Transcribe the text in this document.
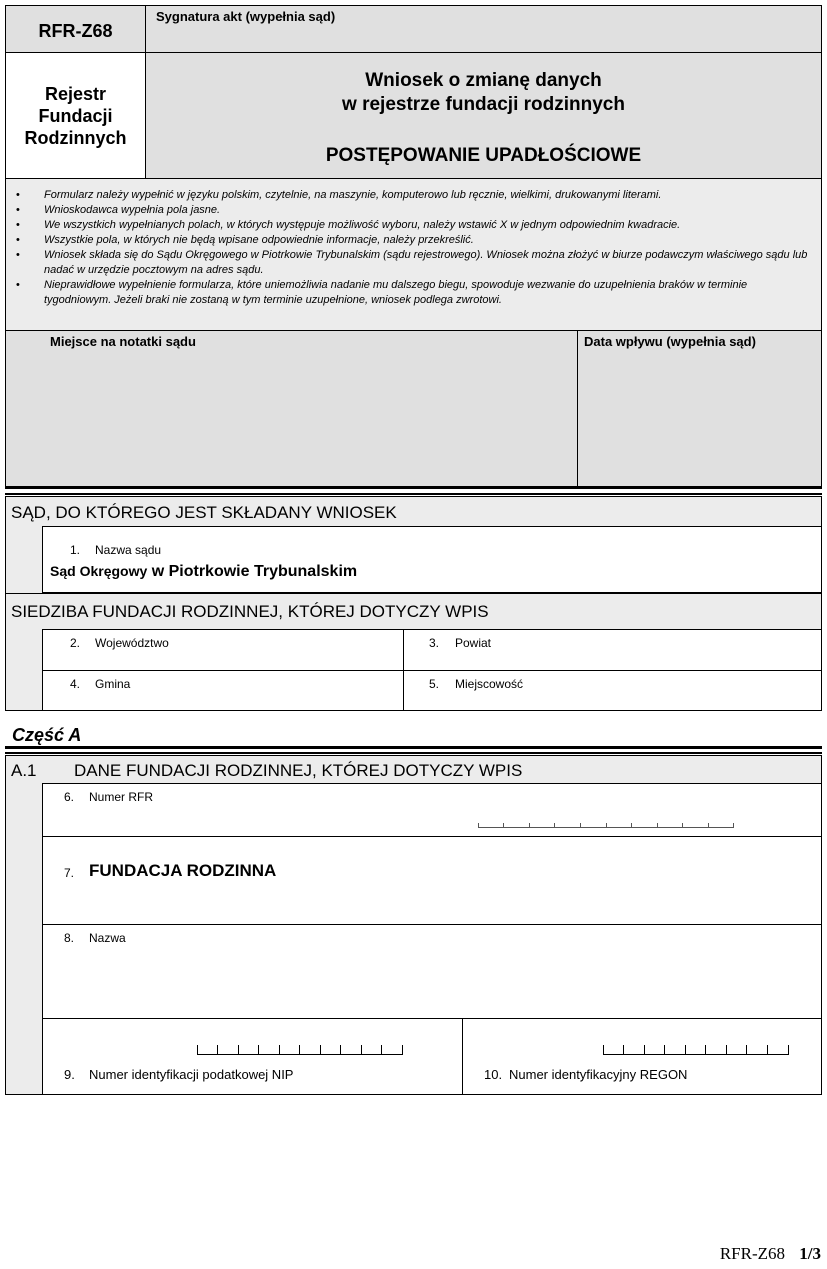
RFR-Z68
Sygnatura akt (wypełnia sąd)
Rejestr
Fundacji
Rodzinnych
Wniosek o zmianę danych
w rejestrze fundacji rodzinnych
POSTĘPOWANIE UPADŁOŚCIOWE
• Formularz należy wypełnić w języku polskim, czytelnie, na maszynie, komputerowo lub ręcznie, wielkimi, drukowanymi literami.
• Wnioskodawca wypełnia pola jasne.
• We wszystkich wypełnianych polach, w których występuje możliwość wyboru, należy wstawić X w jednym odpowiednim kwadracie.
• Wszystkie pola, w których nie będą wpisane odpowiednie informacje, należy przekreślić.
• Wniosek składa się do Sądu Okręgowego w Piotrkowie Trybunalskim (sądu rejestrowego). Wniosek można złożyć w biurze podawczym właściwego sądu lub nadać w urzędzie pocztowym na adres sądu.
• Nieprawidłowe wypełnienie formularza, które uniemożliwia nadanie mu dalszego biegu, spowoduje wezwanie do uzupełnienia braków w terminie tygodniowym. Jeżeli braki nie zostaną w tym terminie uzupełnione, wniosek podlega zwrotowi.
Miejsce na notatki sądu	Data wpływu (wypełnia sąd)
SĄD, DO KTÓREGO JEST SKŁADANY WNIOSEK
1. Nazwa sądu
Sąd Okręgowy w Piotrkowie Trybunalskim
SIEDZIBA FUNDACJI RODZINNEJ, KTÓREJ DOTYCZY WPIS
2. Województwo	3. Powiat
4. Gmina	5. Miejscowość
Część A
A.1 DANE FUNDACJI RODZINNEJ, KTÓREJ DOTYCZY WPIS
6. Numer RFR
7. FUNDACJA RODZINNA
8. Nazwa
9. Numer identyfikacji podatkowej NIP	10. Numer identyfikacyjny REGON
RFR-Z68 1/3
